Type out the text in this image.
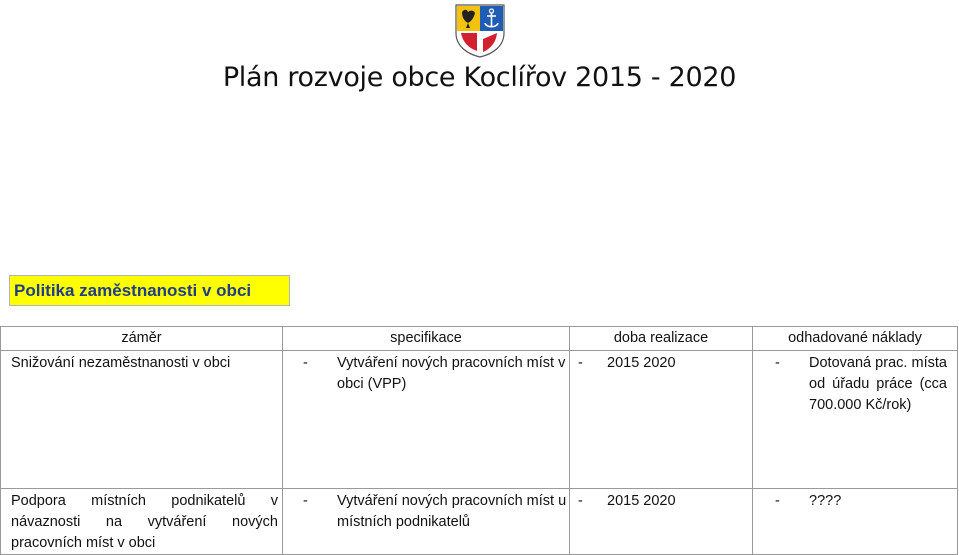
Plán rozvoje obce Koclířov 2015 - 2020
Politika zaměstnanosti v obci
záměr	specifikace	doba realizace	odhadované náklady

Snižování nezaměstnanosti v obci	- Vytváření nových pracovních míst v obci (VPP)	- 2015 2020	- Dotovaná prac. místa od úřadu práce (cca 700.000 Kč/rok)

Podpora místních podnikatelů v návaznosti na vytváření nových pracovních míst v obci	- Vytváření nových pracovních míst u místních podnikatelů	- 2015 2020	- ????
